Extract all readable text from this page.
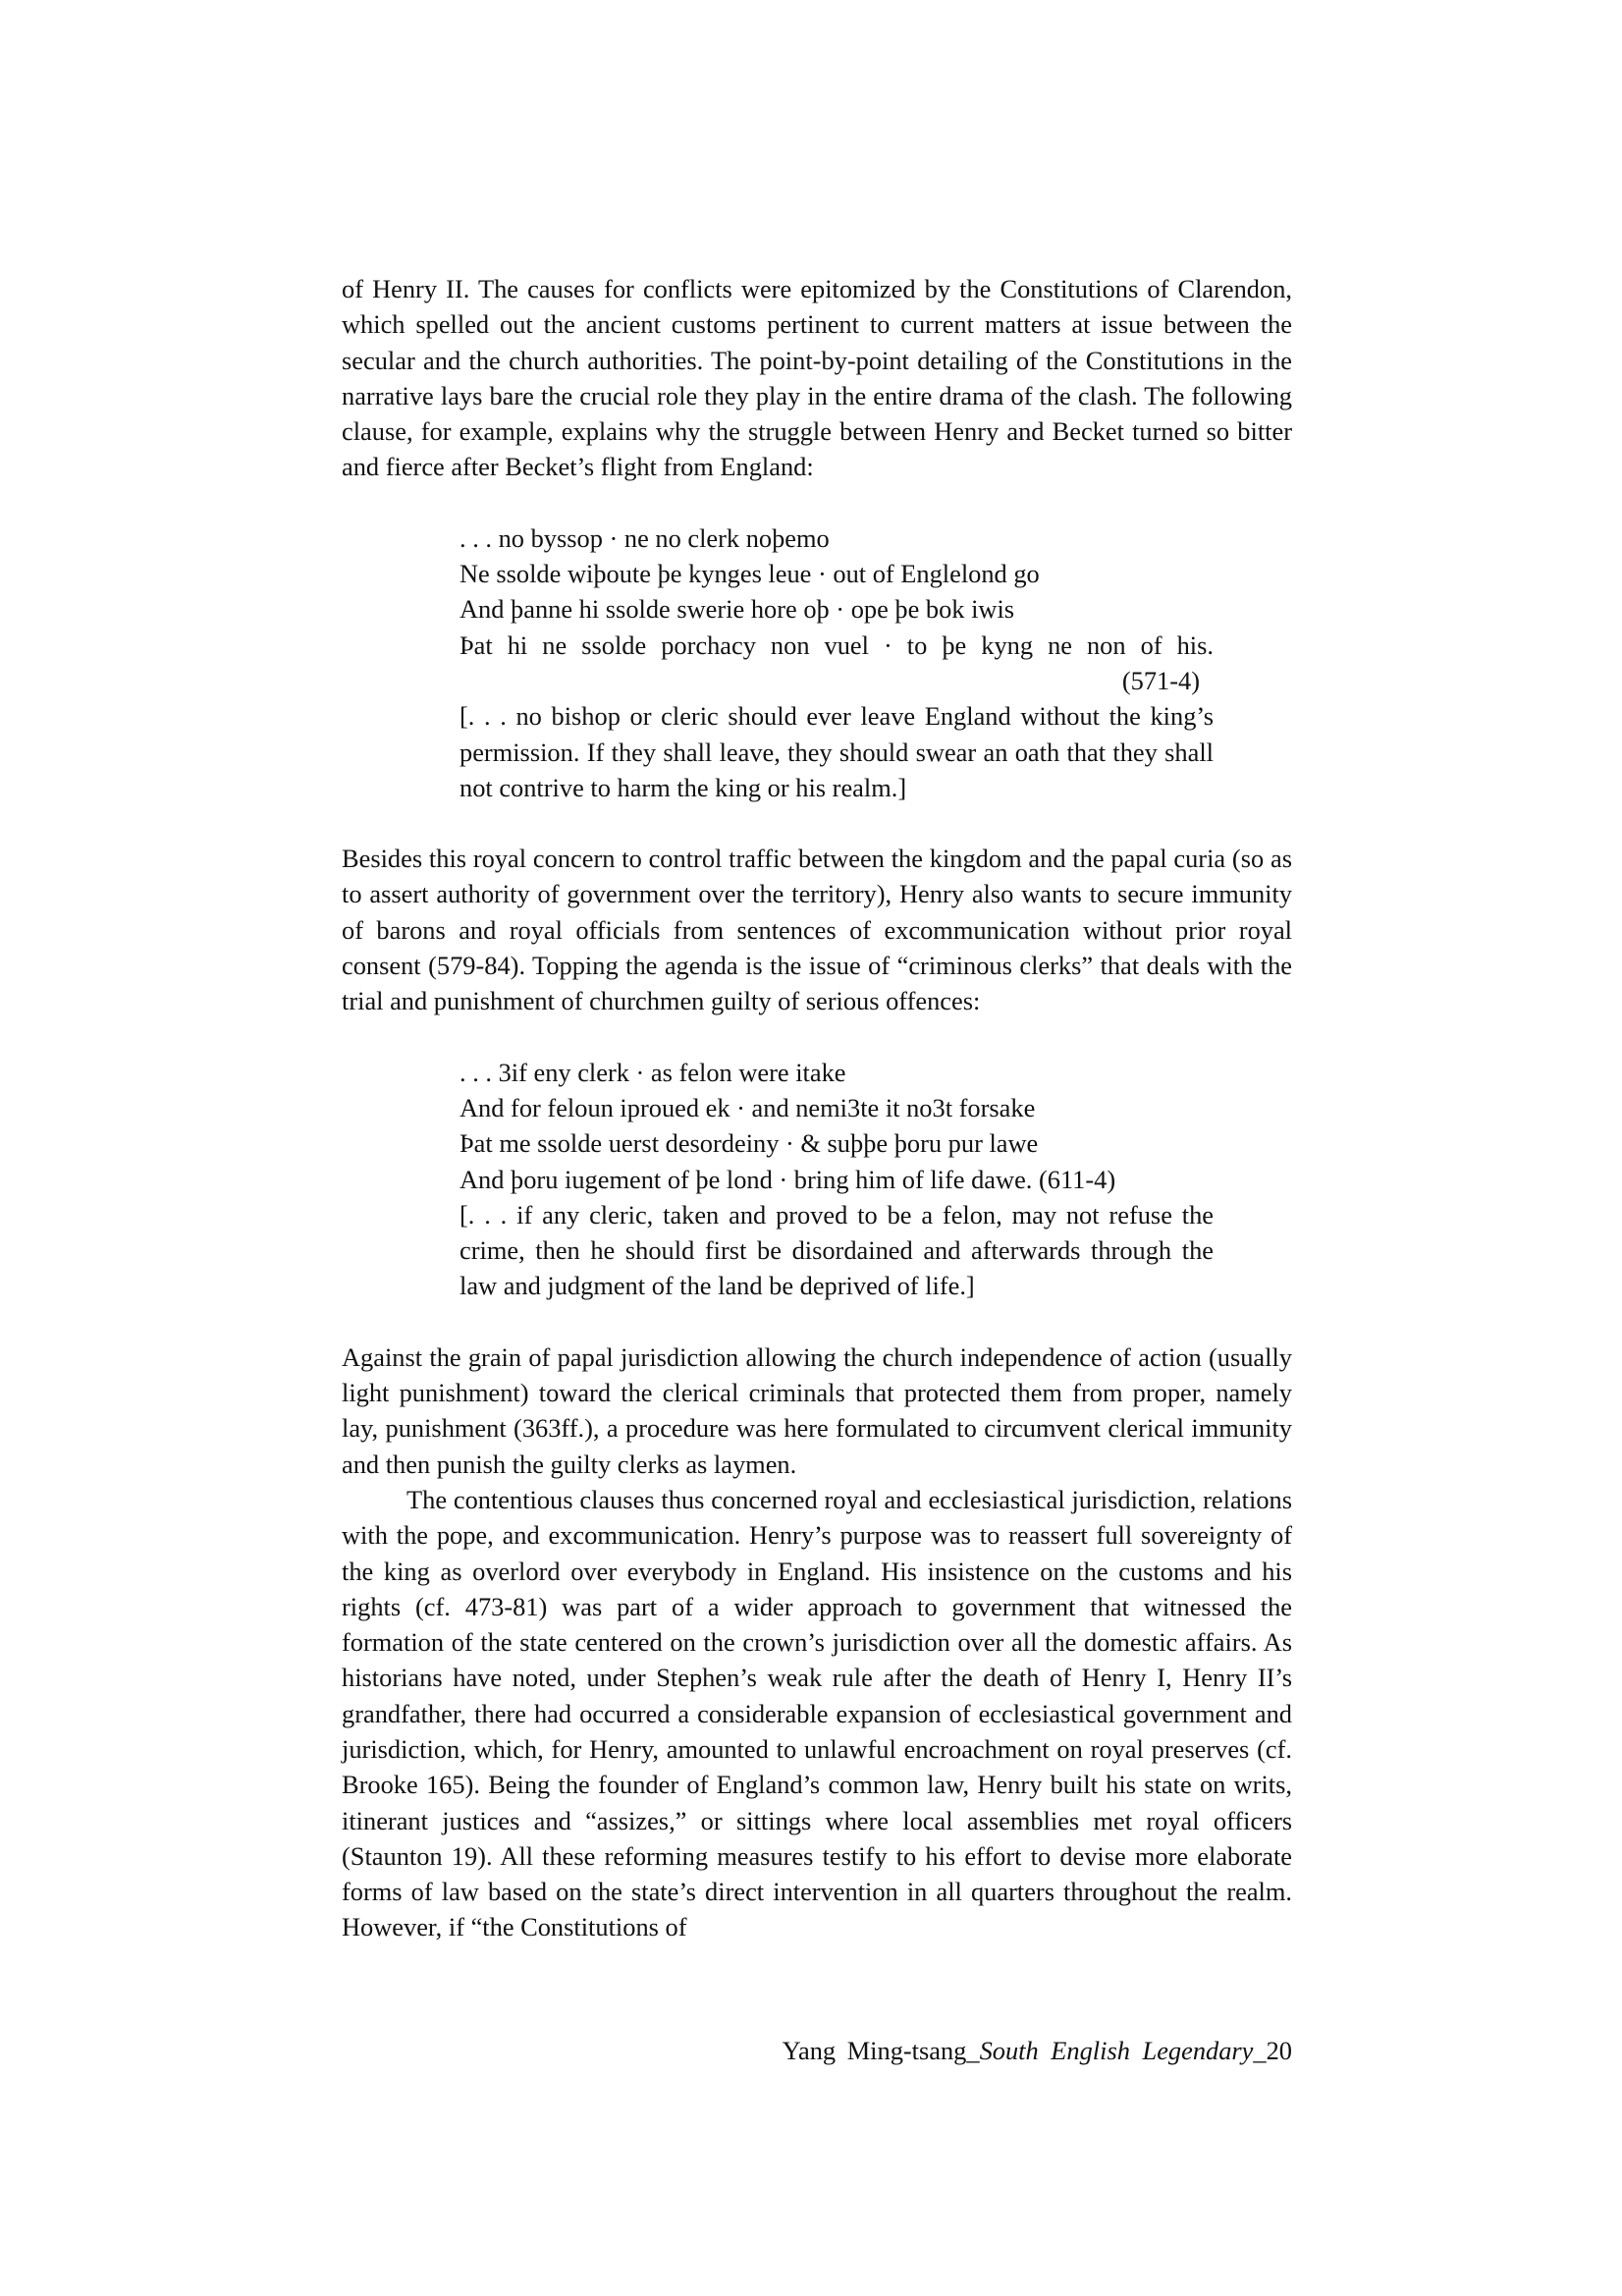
of Henry II. The causes for conflicts were epitomized by the Constitutions of Clarendon, which spelled out the ancient customs pertinent to current matters at issue between the secular and the church authorities. The point-by-point detailing of the Constitutions in the narrative lays bare the crucial role they play in the entire drama of the clash. The following clause, for example, explains why the struggle between Henry and Becket turned so bitter and fierce after Becket’s flight from England:

. . . no byssop · ne no clerk noþemo
Ne ssolde wiþoute þe kynges leue · out of Englelond go
And þanne hi ssolde swerie hore oþ · ope þe bok iwis
Þat hi ne ssolde porchacy non vuel · to þe kyng ne non of his.
(571-4)

[. . . no bishop or cleric should ever leave England without the king’s permission. If they shall leave, they should swear an oath that they shall not contrive to harm the king or his realm.]

Besides this royal concern to control traffic between the kingdom and the papal curia (so as to assert authority of government over the territory), Henry also wants to secure immunity of barons and royal officials from sentences of excommunication without prior royal consent (579-84). Topping the agenda is the issue of “criminous clerks” that deals with the trial and punishment of churchmen guilty of serious offences:

. . . 3if eny clerk · as felon were itake
And for feloun iproued ek · and nemi3te it no3t forsake
Þat me ssolde uerst desordeiny · & suþþe þoru pur lawe
And þoru iugement of þe lond · bring him of life dawe. (611-4)

[. . . if any cleric, taken and proved to be a felon, may not refuse the crime, then he should first be disordained and afterwards through the law and judgment of the land be deprived of life.]

Against the grain of papal jurisdiction allowing the church independence of action (usually light punishment) toward the clerical criminals that protected them from proper, namely lay, punishment (363ff.), a procedure was here formulated to circumvent clerical immunity and then punish the guilty clerks as laymen.

The contentious clauses thus concerned royal and ecclesiastical jurisdiction, relations with the pope, and excommunication. Henry’s purpose was to reassert full sovereignty of the king as overlord over everybody in England. His insistence on the customs and his rights (cf. 473-81) was part of a wider approach to government that witnessed the formation of the state centered on the crown’s jurisdiction over all the domestic affairs. As historians have noted, under Stephen’s weak rule after the death of Henry I, Henry II’s grandfather, there had occurred a considerable expansion of ecclesiastical government and jurisdiction, which, for Henry, amounted to unlawful encroachment on royal preserves (cf. Brooke 165). Being the founder of England’s common law, Henry built his state on writs, itinerant justices and “assizes,” or sittings where local assemblies met royal officers (Staunton 19). All these reforming measures testify to his effort to devise more elaborate forms of law based on the state’s direct intervention in all quarters throughout the realm. However, if “the Constitutions of

Yang Ming-tsang_South English Legendary_20
